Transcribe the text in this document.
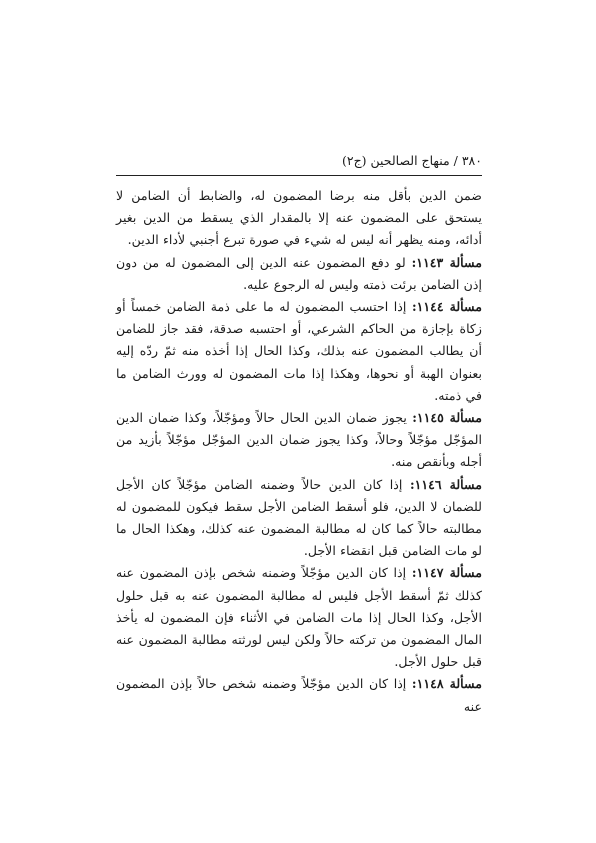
٣٨٠ / منهاج الصالحين (ج٢)

ضمن الدين بأقل منه برضا المضمون له، والضابط أن الضامن لا يستحق على المضمون عنه إلا بالمقدار الذي يسقط من الدين بغير أدائه، ومنه يظهر أنه ليس له شيء في صورة تبرع أجنبي لأداء الدين.

مسألة ١١٤٣: لو دفع المضمون عنه الدين إلى المضمون له من دون إذن الضامن برئت ذمته وليس له الرجوع عليه.

مسألة ١١٤٤: إذا احتسب المضمون له ما على ذمة الضامن خمساً أو زكاة بإجازة من الحاكم الشرعي، أو احتسبه صدقة، فقد جاز للضامن أن يطالب المضمون عنه بذلك، وكذا الحال إذا أخذه منه ثمّ ردّه إليه بعنوان الهبة أو نحوها، وهكذا إذا مات المضمون له وورث الضامن ما في ذمته.

مسألة ١١٤٥: يجوز ضمان الدين الحال حالاً ومؤجّلاً، وكذا ضمان الدين المؤجّل مؤجّلاً وحالاً، وكذا يجوز ضمان الدين المؤجّل مؤجّلاً بأزيد من أجله وبأنقص منه.

مسألة ١١٤٦: إذا كان الدين حالاً وضمنه الضامن مؤجّلاً كان الأجل للضمان لا الدين، فلو أسقط الضامن الأجل سقط فيكون للمضمون له مطالبته حالاً كما كان له مطالبة المضمون عنه كذلك، وهكذا الحال ما لو مات الضامن قبل انقضاء الأجل.

مسألة ١١٤٧: إذا كان الدين مؤجّلاً وضمنه شخص بإذن المضمون عنه كذلك ثمّ أسقط الأجل فليس له مطالبة المضمون عنه به قبل حلول الأجل، وكذا الحال إذا مات الضامن في الأثناء فإن المضمون له يأخذ المال المضمون من تركته حالاً ولكن ليس لورثته مطالبة المضمون عنه قبل حلول الأجل.

مسألة ١١٤٨: إذا كان الدين مؤجّلاً وضمنه شخص حالاً بإذن المضمون عنه
